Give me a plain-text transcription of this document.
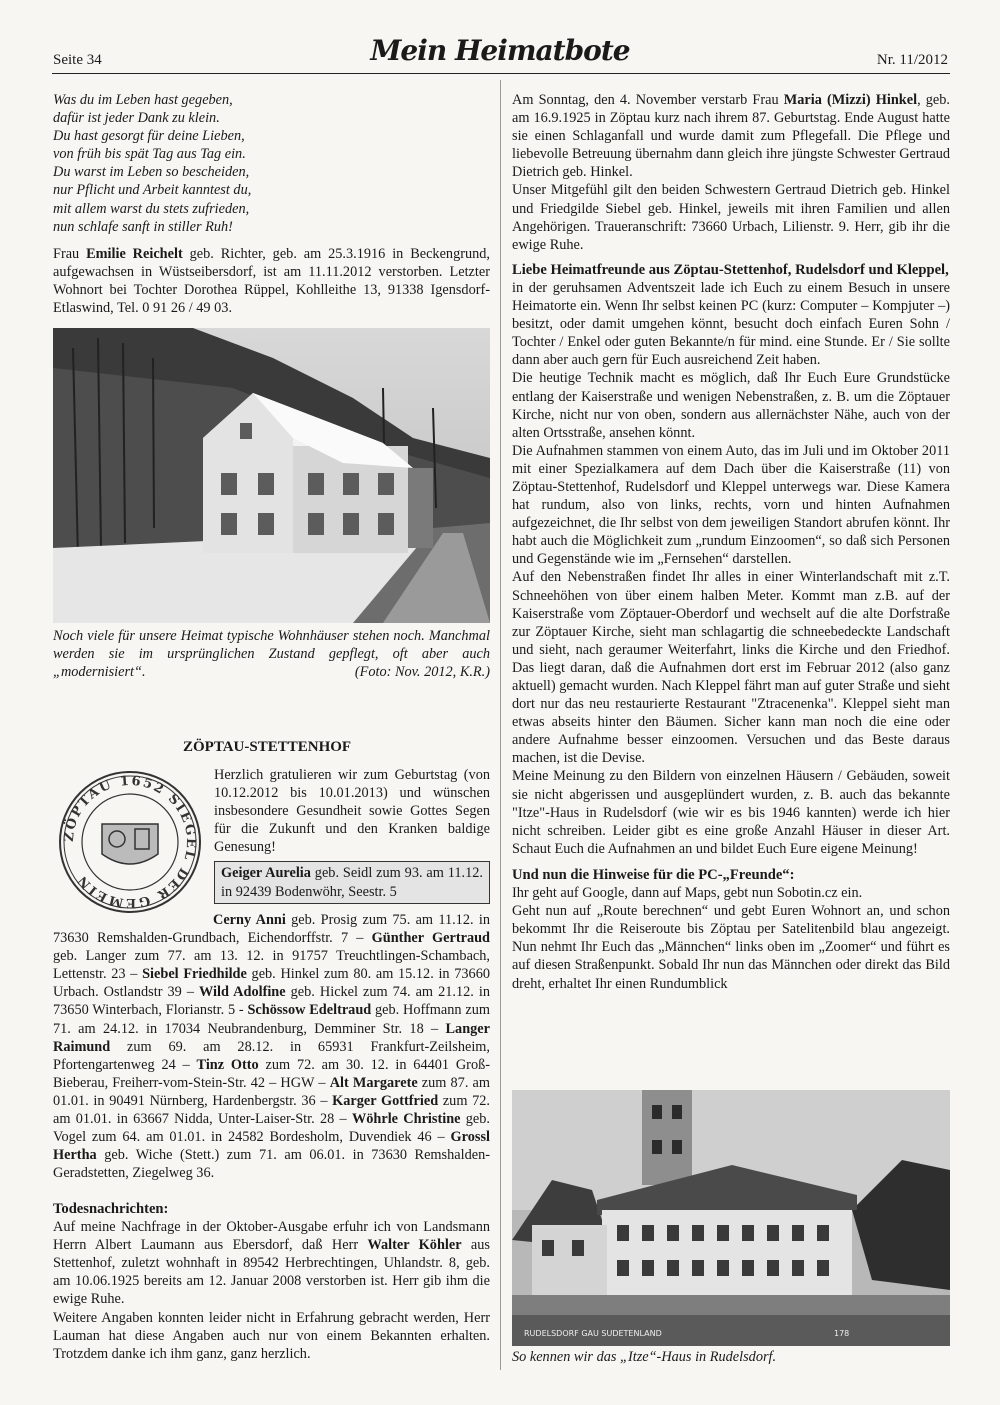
Seite 34	Mein Heimatbote	Nr. 11/2012
Was du im Leben hast gegeben,
dafür ist jeder Dank zu klein.
Du hast gesorgt für deine Lieben,
von früh bis spät Tag aus Tag ein.
Du warst im Leben so bescheiden,
nur Pflicht und Arbeit kanntest du,
mit allem warst du stets zufrieden,
nun schlafe sanft in stiller Ruh!

Frau Emilie Reichelt geb. Richter, geb. am 25.3.1916 in Beckengrund, aufgewachsen in Wüstseibersdorf, ist am 11.11.2012 verstorben. Letzter Wohnort bei Tochter Dorothea Rüppel, Kohlleithe 13, 91338 Igensdorf-Etlaswind, Tel. 0 91 26 / 49 03.

Noch viele für unsere Heimat typische Wohnhäuser stehen noch. Manchmal werden sie im ursprünglichen Zustand gepflegt, oft aber auch „modernisiert“.	(Foto: Nov. 2012, K.R.)
ZÖPTAU-STETTENHOF
ZÖPTAU 1652 SIEGEL DER GEMEIN

Herzlich gratulieren wir zum Geburtstag (von 10.12.2012 bis 10.01.2013) und wünschen insbesondere Gesundheit sowie Gottes Segen für die Zukunft und den Kranken baldige Genesung!

Geiger Aurelia geb. Seidl zum 93. am 11.12. in 92439 Bodenwöhr, Seestr. 5

Cerny Anni geb. Prosig zum 75. am 11.12. in 73630 Remshalden-Grundbach, Eichendorffstr. 7 – Günther Gertraud geb. Langer zum 77. am 13. 12. in 91757 Treuchtlingen-Schambach, Lettenstr. 23 – Siebel Friedhilde geb. Hinkel zum 80. am 15.12. in 73660 Urbach. Ostlandstr 39 – Wild Adolfine geb. Hickel zum 74. am 21.12. in 73650 Winterbach, Florianstr. 5 - Schössow Edeltraud geb. Hoffmann zum 71. am 24.12. in 17034 Neubrandenburg, Demminer Str. 18 – Langer Raimund zum 69. am 28.12. in 65931 Frankfurt-Zeilsheim, Pfortengartenweg 24 – Tinz Otto zum 72. am 30. 12. in 64401 Groß-Bieberau, Freiherr-vom-Stein-Str. 42 – HGW – Alt Margarete zum 87. am 01.01. in 90491 Nürnberg, Hardenbergstr. 36 – Karger Gottfried zum 72. am 01.01. in 63667 Nidda, Unter-Laiser-Str. 28 – Wöhrle Christine geb. Vogel zum 64. am 01.01. in 24582 Bordesholm, Duvendiek 46 – Grossl Hertha geb. Wiche (Stett.) zum 71. am 06.01. in 73630 Remshalden-Geradstetten, Ziegelweg 36.

Todesnachrichten:

Auf meine Nachfrage in der Oktober-Ausgabe erfuhr ich von Landsmann Herrn Albert Laumann aus Ebersdorf, daß Herr Walter Köhler aus Stettenhof, zuletzt wohnhaft in 89542 Herbrechtingen, Uhlandstr. 8, geb. am 10.06.1925 bereits am 12. Januar 2008 verstorben ist. Herr gib ihm die ewige Ruhe.

Weitere Angaben konnten leider nicht in Erfahrung gebracht werden, Herr Lauman hat diese Angaben auch nur von einem Bekannten erhalten. Trotzdem danke ich ihm ganz, ganz herzlich.

Am Sonntag, den 4. November verstarb Frau Maria (Mizzi) Hinkel, geb. am 16.9.1925 in Zöptau kurz nach ihrem 87. Geburtstag. Ende August hatte sie einen Schlaganfall und wurde damit zum Pflegefall. Die Pflege und liebevolle Betreuung übernahm dann gleich ihre jüngste Schwester Gertraud Dietrich geb. Hinkel.

Unser Mitgefühl gilt den beiden Schwestern Gertraud Dietrich geb. Hinkel und Friedgilde Siebel geb. Hinkel, jeweils mit ihren Familien und allen Angehörigen. Traueranschrift: 73660 Urbach, Lilienstr. 9. Herr, gib ihr die ewige Ruhe.

Liebe Heimatfreunde aus Zöptau-Stettenhof, Rudelsdorf und Kleppel,

in der geruhsamen Adventszeit lade ich Euch zu einem Besuch in unsere Heimatorte ein. Wenn Ihr selbst keinen PC (kurz: Computer – Kompjuter –) besitzt, oder damit umgehen könnt, besucht doch einfach Euren Sohn / Tochter / Enkel oder guten Bekannte/n für mind. eine Stunde. Er / Sie sollte dann aber auch gern für Euch ausreichend Zeit haben.

Die heutige Technik macht es möglich, daß Ihr Euch Eure Grundstücke entlang der Kaiserstraße und wenigen Nebenstraßen, z. B. um die Zöptauer Kirche, nicht nur von oben, sondern aus allernächster Nähe, auch von der alten Ortsstraße, ansehen könnt.

Die Aufnahmen stammen von einem Auto, das im Juli und im Oktober 2011 mit einer Spezialkamera auf dem Dach über die Kaiserstraße (11) von Zöptau-Stettenhof, Rudelsdorf und Kleppel unterwegs war. Diese Kamera hat rundum, also von links, rechts, vorn und hinten Aufnahmen aufgezeichnet, die Ihr selbst von dem jeweiligen Standort abrufen könnt. Ihr habt auch die Möglichkeit zum „rundum Einzoomen“, so daß sich Personen und Gegenstände wie im „Fernsehen“ darstellen.

Auf den Nebenstraßen findet Ihr alles in einer Winterlandschaft mit z.T. Schneehöhen von über einem halben Meter. Kommt man z.B. auf der Kaiserstraße vom Zöptauer-Oberdorf und wechselt auf die alte Dorfstraße zur Zöptauer Kirche, sieht man schlagartig die schneebedeckte Landschaft und sieht, nach geraumer Weiterfahrt, links die Kirche und den Friedhof. Das liegt daran, daß die Aufnahmen dort erst im Februar 2012 (also ganz aktuell) gemacht wurden. Nach Kleppel fährt man auf guter Straße und sieht dort nur das neu restaurierte Restaurant "Ztracenenka". Kleppel sieht man etwas abseits hinter den Bäumen. Sicher kann man noch die eine oder andere Aufnahme besser einzoomen. Versuchen und das Beste daraus machen, ist die Devise.

Meine Meinung zu den Bildern von einzelnen Häusern / Gebäuden, soweit sie nicht abgerissen und ausgeplündert wurden, z. B. auch das bekannte "Itze"-Haus in Rudelsdorf (wie wir es bis 1946 kannten) werde ich hier nicht schreiben. Leider gibt es eine große Anzahl Häuser in dieser Art. Schaut Euch die Aufnahmen an und bildet Euch Eure eigene Meinung!

Und nun die Hinweise für die PC-„Freunde“:

Ihr geht auf Google, dann auf Maps, gebt nun Sobotin.cz ein.

Geht nun auf „Route berechnen“ und gebt Euren Wohnort an, und schon bekommt Ihr die Reiseroute bis Zöptau per Satelitenbild blau angezeigt. Nun nehmt Ihr Euch das „Männchen“ links oben im „Zoomer“ und führt es auf diesen Straßenpunkt. Sobald Ihr nun das Männchen oder direkt das Bild dreht, erhaltet Ihr einen Rundumblick

RUDELSDORF GAU SUDETENLAND	178
So kennen wir das „Itze“-Haus in Rudelsdorf.
